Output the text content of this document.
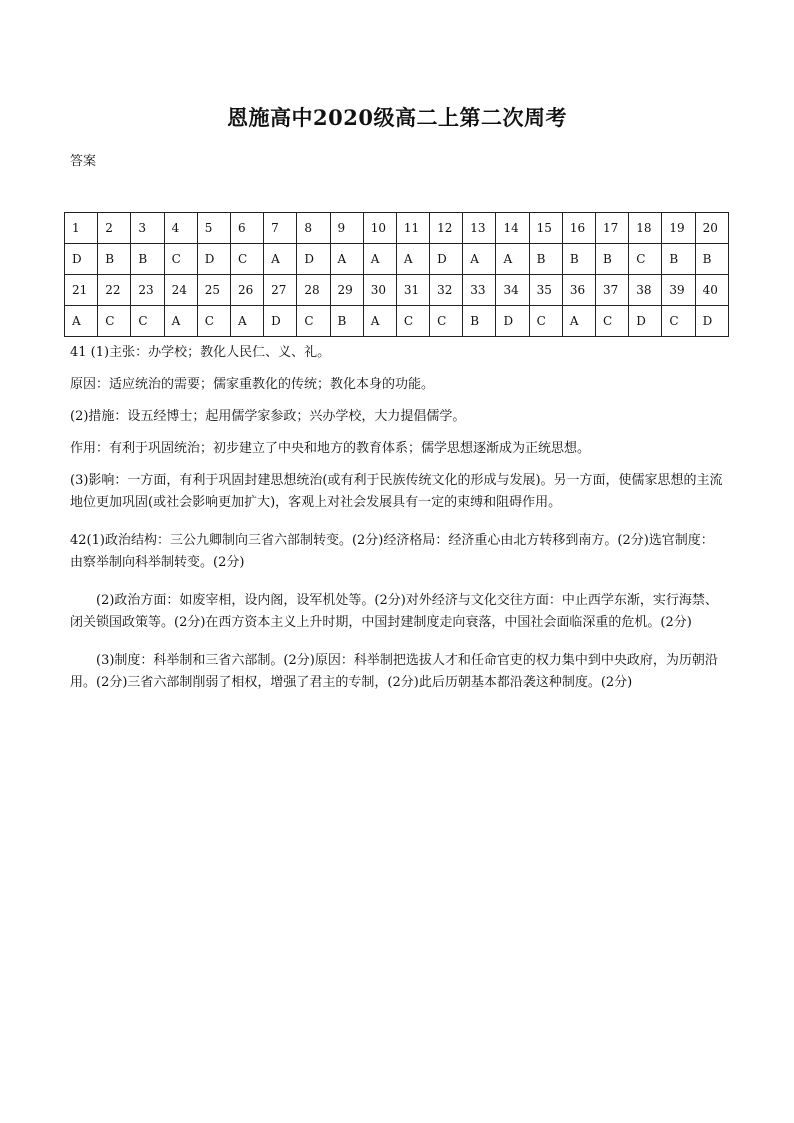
恩施高中2020级高二上第二次周考
答案
1	2	3	4	5	6	7	8	9	10	11	12	13	14	15	16	17	18	19	20
D	B	B	C	D	C	A	D	A	A	A	D	A	A	B	B	B	C	B	B
21	22	23	24	25	26	27	28	29	30	31	32	33	34	35	36	37	38	39	40
A	C	C	A	C	A	D	C	B	A	C	C	B	D	C	A	C	D	C	D

41 (1)主张：办学校；教化人民仁、义、礼。

原因：适应统治的需要；儒家重教化的传统；教化本身的功能。

(2)措施：设五经博士；起用儒学家参政；兴办学校，大力提倡儒学。

作用：有利于巩固统治；初步建立了中央和地方的教育体系；儒学思想逐渐成为正统思想。

(3)影响：一方面，有利于巩固封建思想统治(或有利于民族传统文化的形成与发展)。另一方面，使儒家思想的主流地位更加巩固(或社会影响更加扩大)，客观上对社会发展具有一定的束缚和阻碍作用。

42(1)政治结构：三公九卿制向三省六部制转变。(2分)经济格局：经济重心由北方转移到南方。(2分)选官制度：由察举制向科举制转变。(2分)

(2)政治方面：如废宰相，设内阁，设军机处等。(2分)对外经济与文化交往方面：中止西学东渐，实行海禁、闭关锁国政策等。(2分)在西方资本主义上升时期，中国封建制度走向衰落，中国社会面临深重的危机。(2分)

(3)制度：科举制和三省六部制。(2分)原因：科举制把选拔人才和任命官吏的权力集中到中央政府，为历朝沿用。(2分)三省六部制削弱了相权，增强了君主的专制，(2分)此后历朝基本都沿袭这种制度。(2分)
